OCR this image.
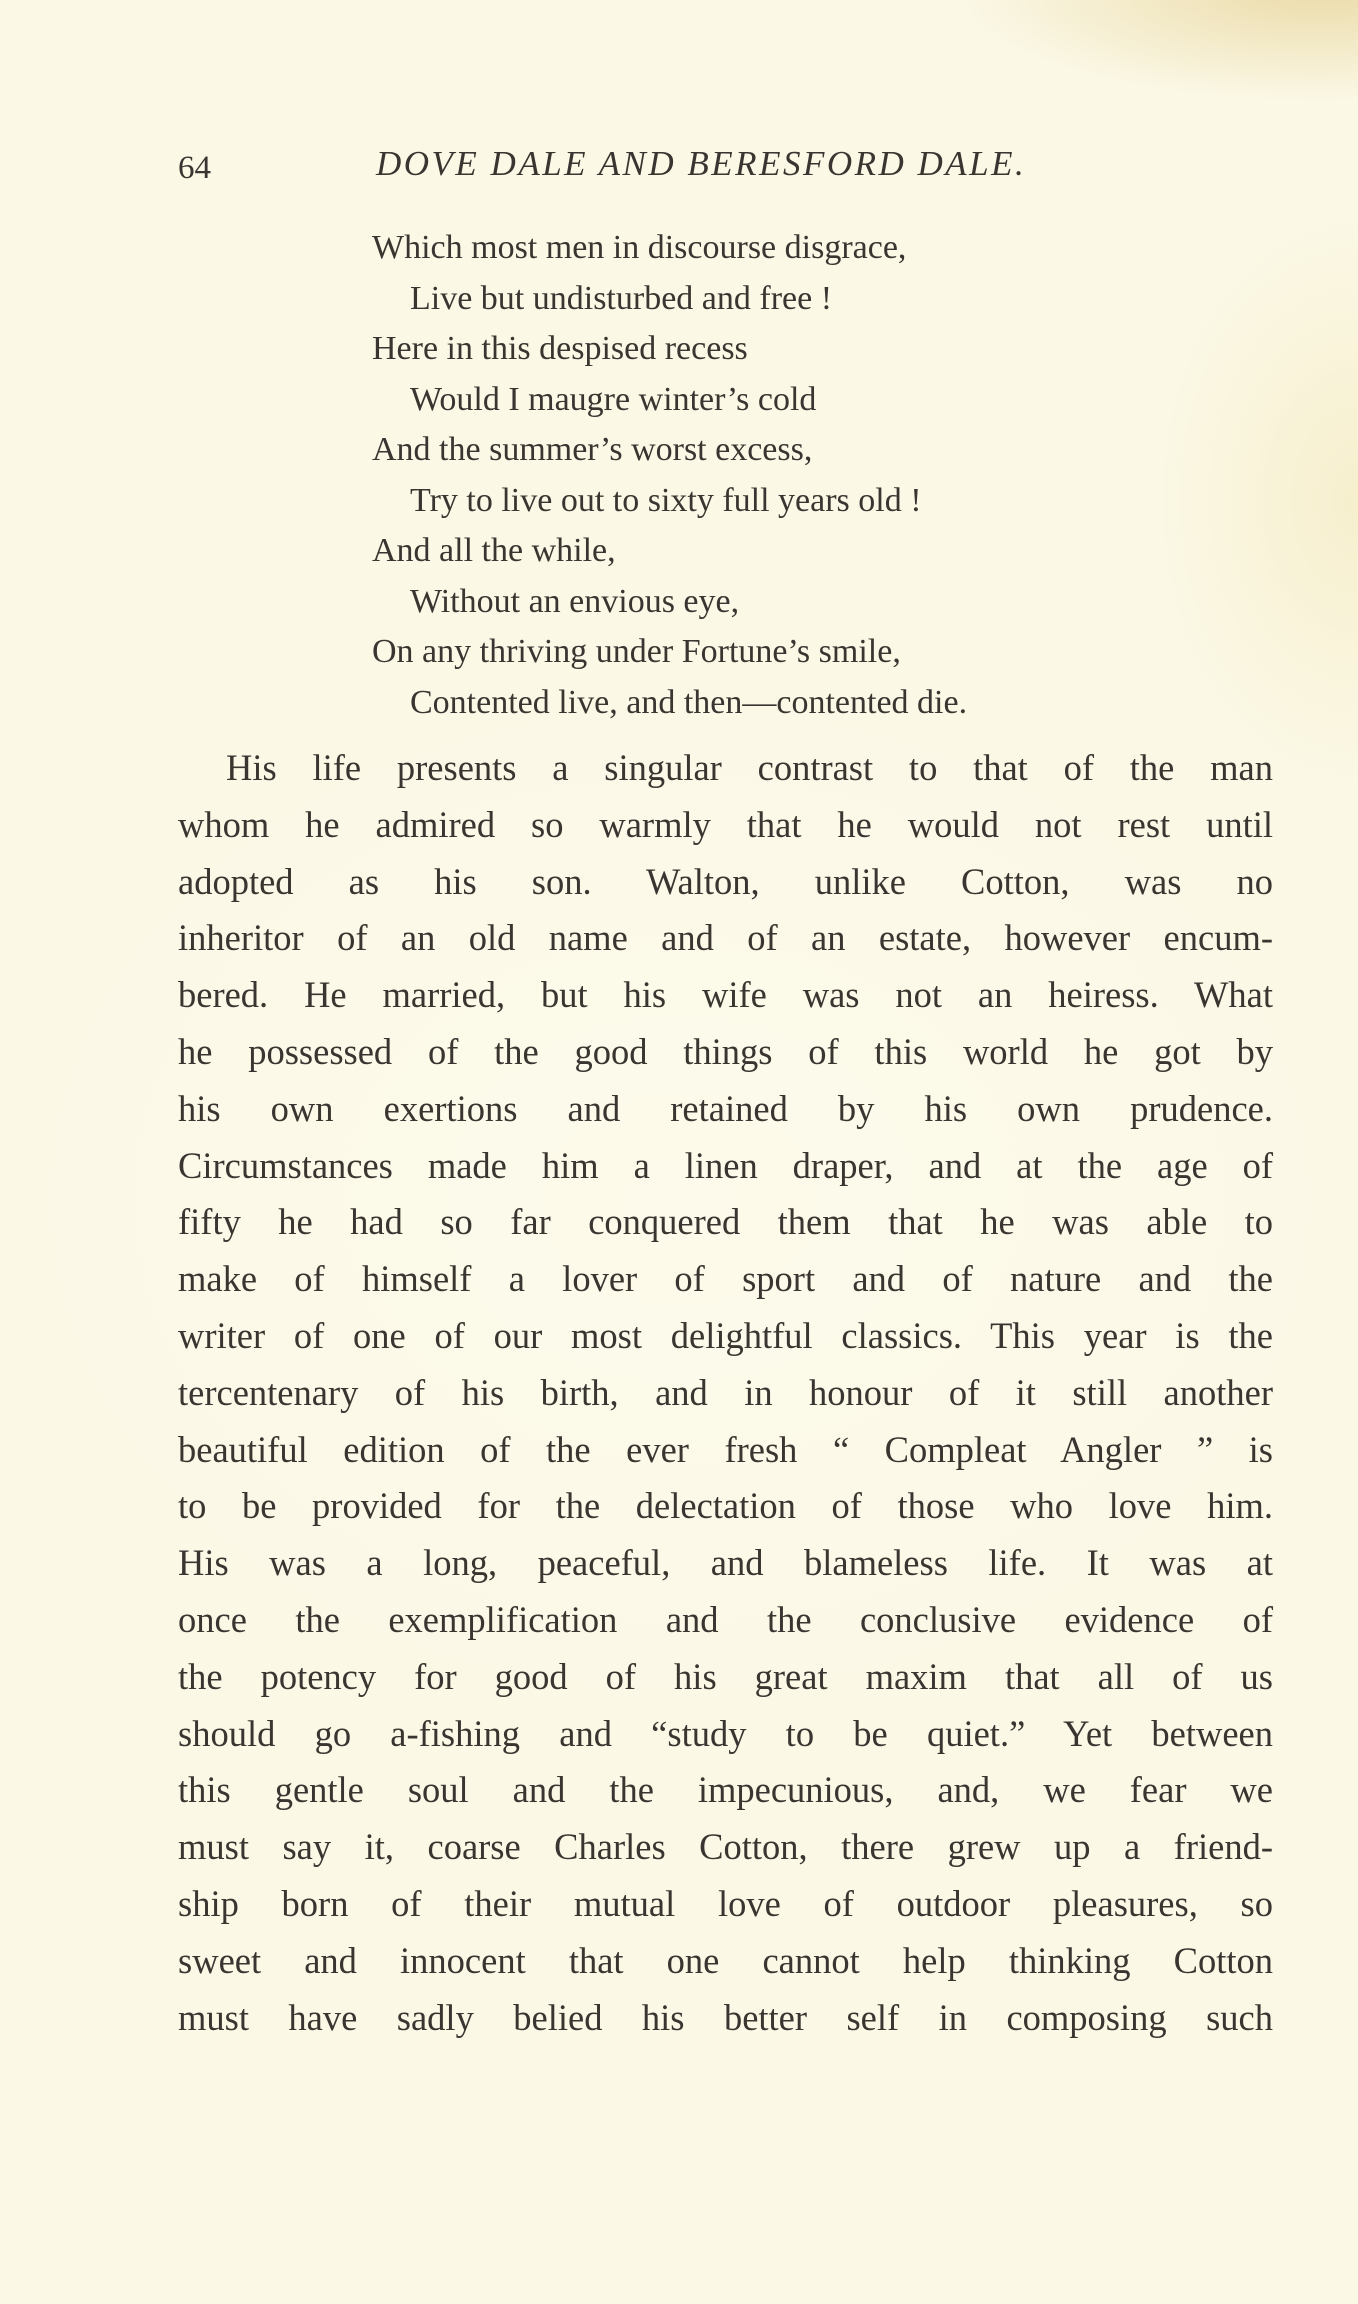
64	DOVE DALE AND BERESFORD DALE.
Which most men in discourse disgrace,
Live but undisturbed and free !
Here in this despised recess
Would I maugre winter’s cold
And the summer’s worst excess,
Try to live out to sixty full years old !
And all the while,
Without an envious eye,
On any thriving under Fortune’s smile,
Contented live, and then—contented die.
His life presents a singular contrast to that of the man
whom he admired so warmly that he would not rest until
adopted as his son. Walton, unlike Cotton, was no
inheritor of an old name and of an estate, however encum-
bered. He married, but his wife was not an heiress. What
he possessed of the good things of this world he got by
his own exertions and retained by his own prudence.
Circumstances made him a linen draper, and at the age of
fifty he had so far conquered them that he was able to
make of himself a lover of sport and of nature and the
writer of one of our most delightful classics. This year is the
tercentenary of his birth, and in honour of it still another
beautiful edition of the ever fresh “ Compleat Angler ” is
to be provided for the delectation of those who love him.
His was a long, peaceful, and blameless life. It was at
once the exemplification and the conclusive evidence of
the potency for good of his great maxim that all of us
should go a-fishing and “study to be quiet.” Yet between
this gentle soul and the impecunious, and, we fear we
must say it, coarse Charles Cotton, there grew up a friend-
ship born of their mutual love of outdoor pleasures, so
sweet and innocent that one cannot help thinking Cotton
must have sadly belied his better self in composing such
